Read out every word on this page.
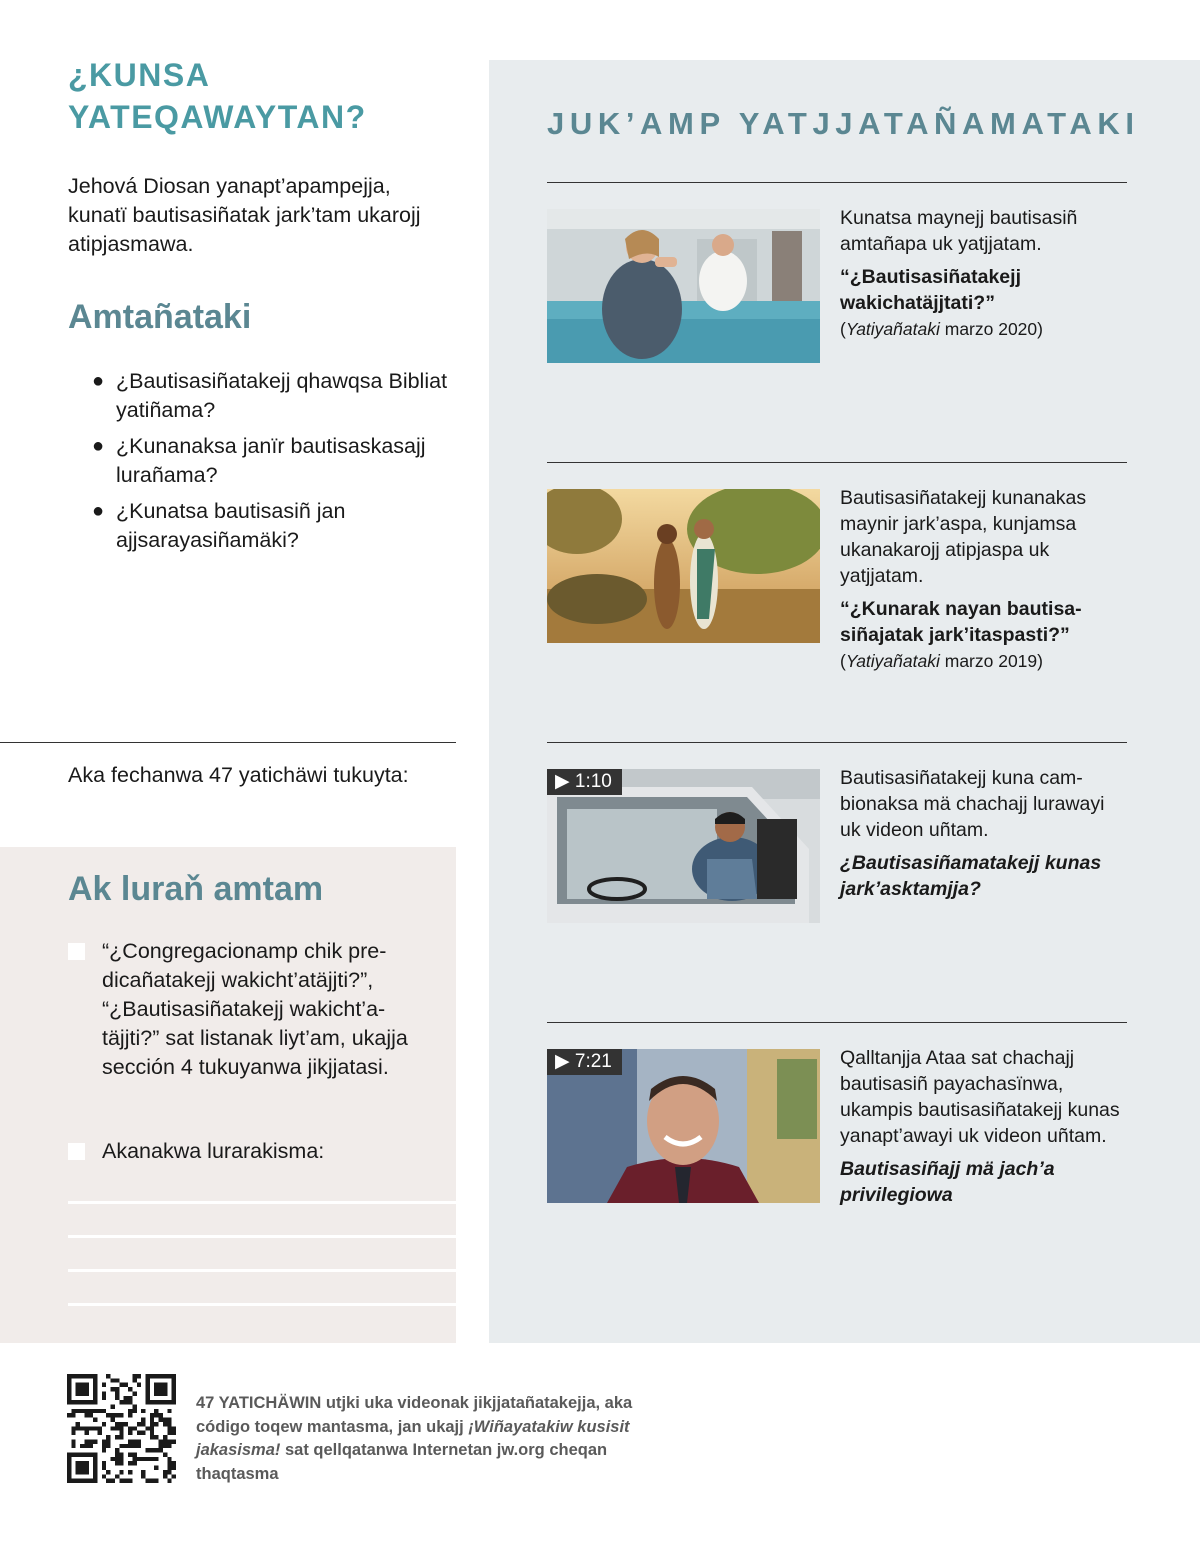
¿KUNSA YATEQAWAYTAN?

Jehová Diosan yanapt’apampejja, kunatï bautisasiñatak jark’tam ukarojj atipjasmawa.

Amtañataki
● ¿Bautisasiñatakejj qhawqsa Bibliat yatiñama?
● ¿Kunanaksa janïr bautisaskasajj lurañama?
● ¿Kunatsa bautisasiñ jan ajjsarayasiñamäki?

Aka fechanwa 47 yatichäwi tukuyta:

Ak luraň amtam

“¿Congregacionamp chik predicañatakejj wakicht’atäjjti?”, “¿Bautisasiñatakejj wakicht’atäjjti?” sat listanak liyt’am, ukajja sección 4 tukuyanwa jikjjatasi.

Akanakwa lurarakisma:

JUK’AMP YATJJATAÑAMATAKI

Kunatsa maynejj bautisasiñ amtañapa uk yatjjatam.

“¿Bautisasiñatakejj wakichatäjjtati?”

(Yatiyañataki marzo 2020)

Bautisasiñatakejj kunanakas maynir jark’aspa, kunjamsa ukanakarojj atipjaspa uk yatjjatam.

“¿Kunarak nayan bautisasiñajatak jark’itaspasti?”

(Yatiyañataki marzo 2019)

▶ 1:10	Bautisasiñatakejj kuna cambionaksa mä chachajj lurawayi uk videon uñtam.

¿Bautisasiñamatakejj kunas jark’asktamjja?

▶ 7:21	Qalltanjja Ataa sat chachajj bautisasiñ payachasïnwa, ukampis bautisasiñatakejj kunas yanapt’awayi uk videon uñtam.

Bautisasiñajj mä jach’a privilegiowa

47 YATICHÄWIN utjki uka videonak jikjjatañatakejja, aka código toqew mantasma, jan ukajj ¡Wiñayatakiw kusisit jakasisma! sat qellqatanwa Internetan jw.org cheqan thaqtasma
